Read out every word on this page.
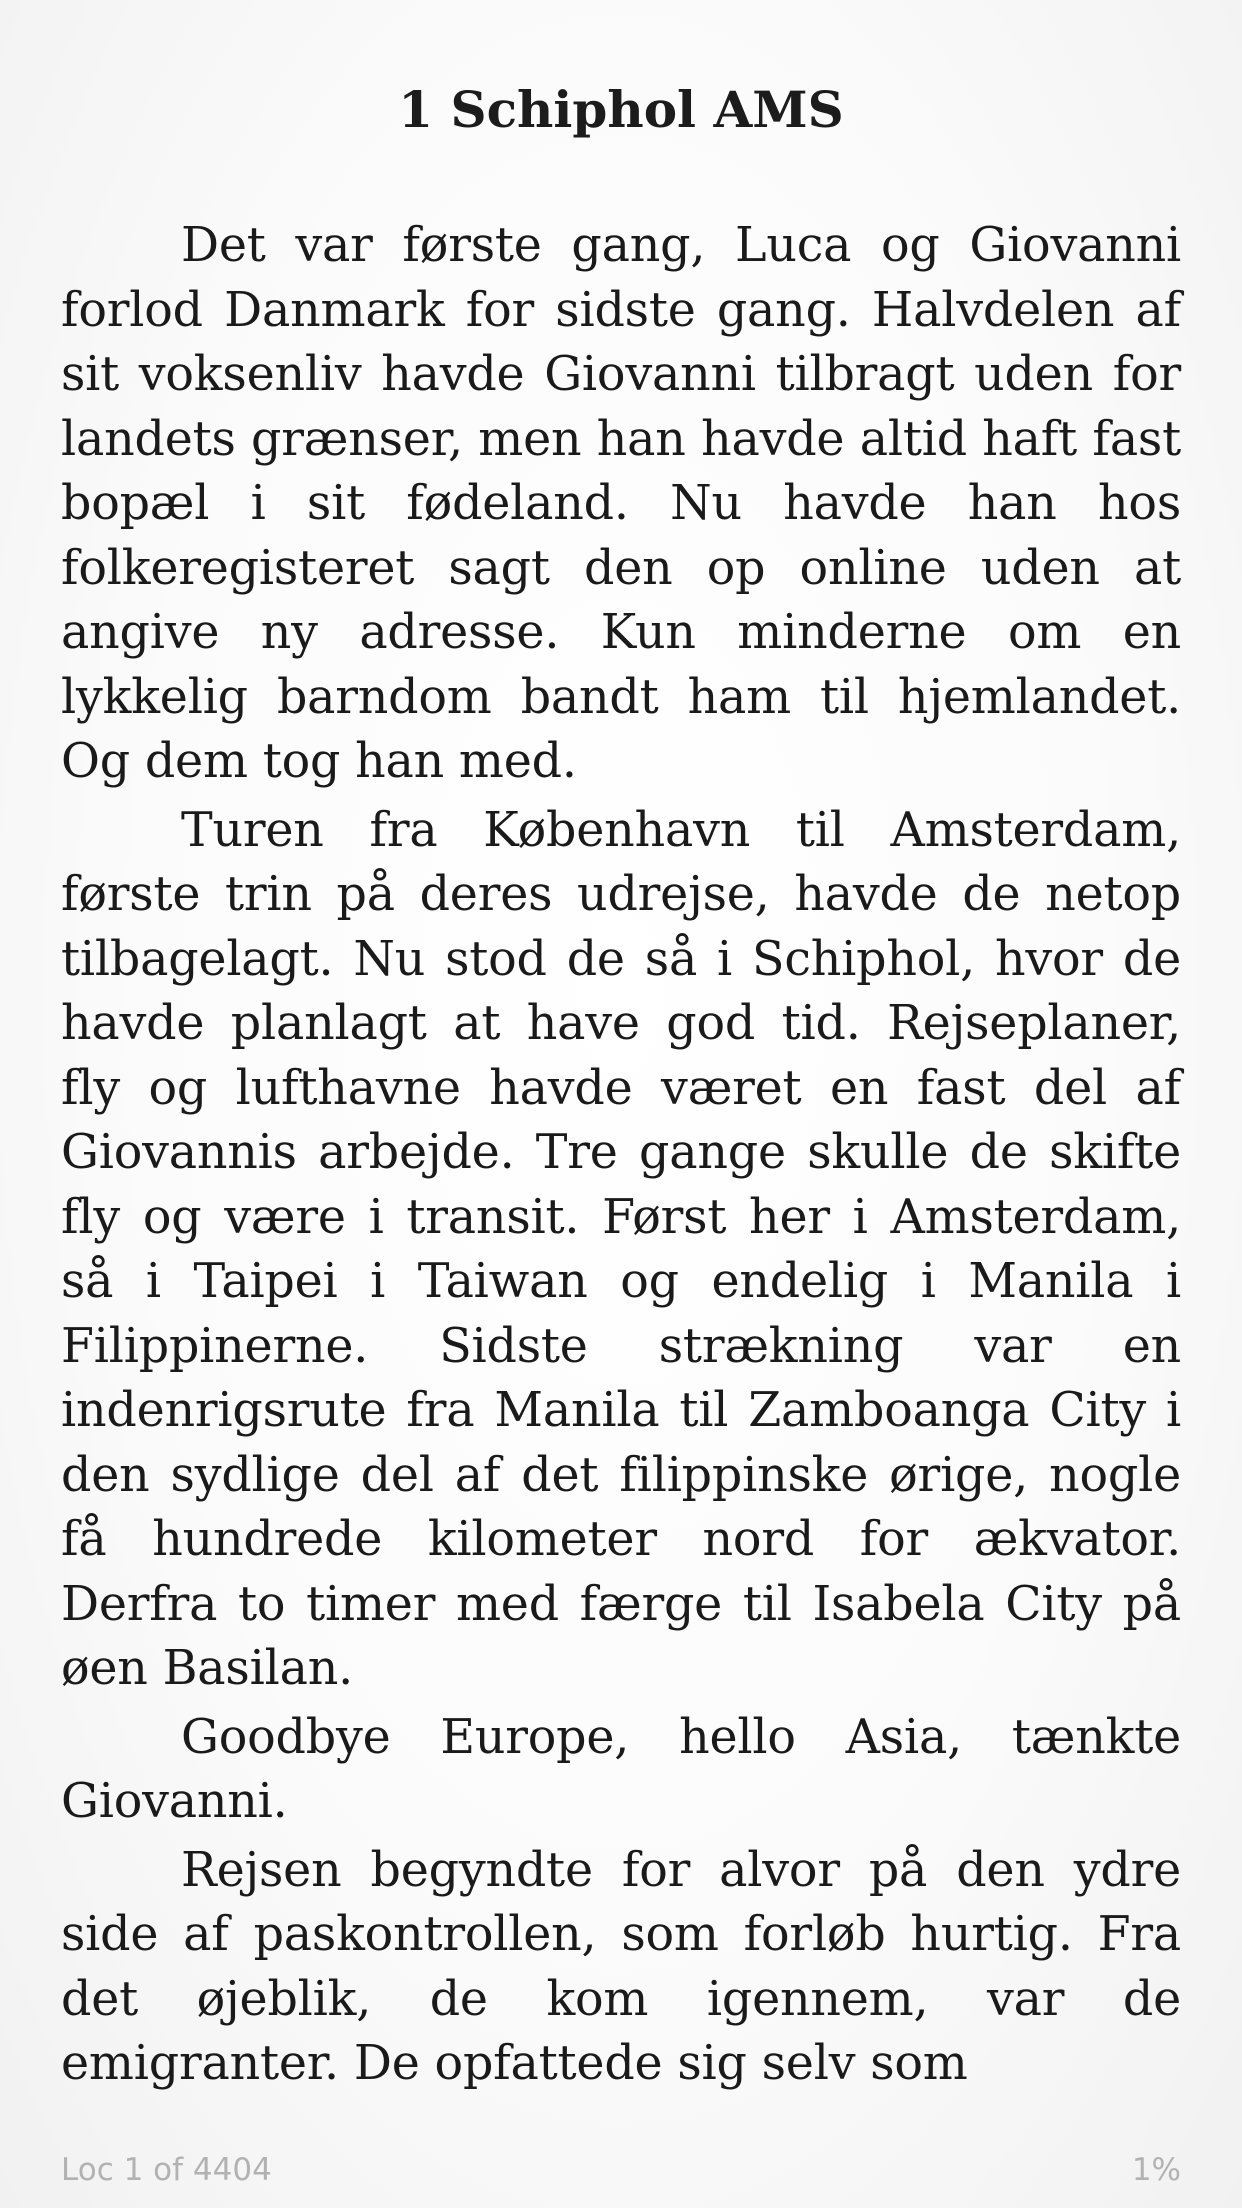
1 Schiphol AMS

Det var første gang, Luca og Giovanni forlod Danmark for sidste gang. Halvdelen af sit voksenliv havde Giovanni tilbragt uden for landets grænser, men han havde altid haft fast bopæl i sit fødeland. Nu havde han hos folkeregisteret sagt den op online uden at angive ny adresse. Kun minderne om en lykkelig barndom bandt ham til hjemlandet. Og dem tog han med.

Turen fra København til Amsterdam, første trin på deres udrejse, havde de netop tilbagelagt. Nu stod de så i Schiphol, hvor de havde planlagt at have god tid. Rejseplaner, fly og lufthavne havde været en fast del af Giovannis arbejde. Tre gange skulle de skifte fly og være i transit. Først her i Amsterdam, så i Taipei i Taiwan og endelig i Manila i Filippinerne. Sidste strækning var en indenrigsrute fra Manila til Zamboanga City i den sydlige del af det filippinske ørige, nogle få hundrede kilometer nord for ækvator. Derfra to timer med færge til Isabela City på øen Basilan.

Goodbye Europe, hello Asia, tænkte Giovanni.

Rejsen begyndte for alvor på den ydre side af paskontrollen, som forløb hurtig. Fra det øjeblik, de kom igennem, var de emigranter. De opfattede sig selv som

Loc 1 of 4404	1%
